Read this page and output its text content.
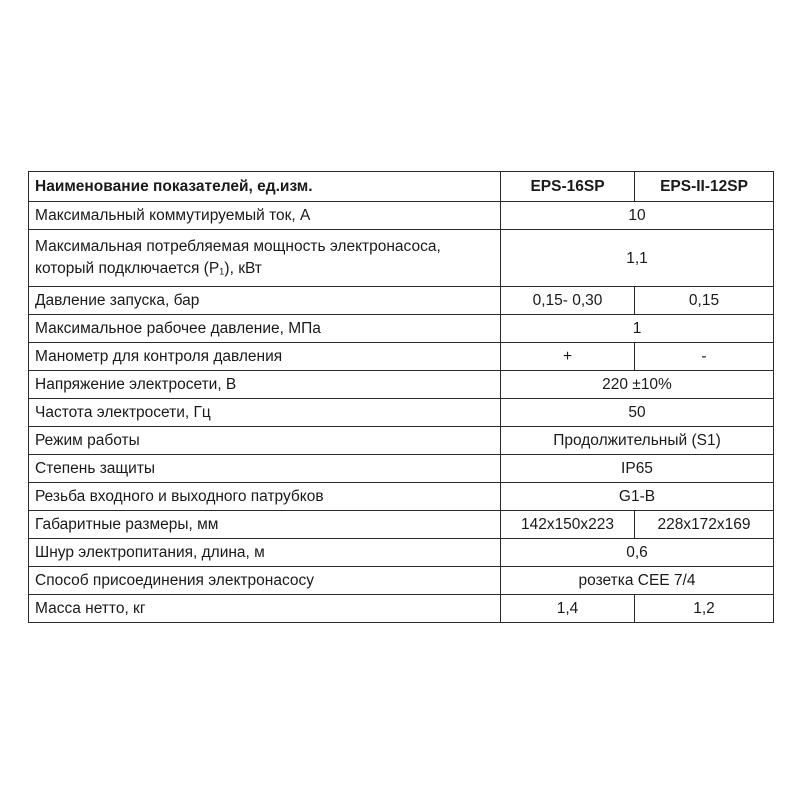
Наименование показателей, ед.изм.	EPS-16SP	EPS-II-12SP
Максимальный коммутируемый ток, А	10	
Максимальная потребляемая мощность электронасоса, который подключается (P₁), кВт	1,1	
Давление запуска, бар	0,15- 0,30	0,15
Максимальное рабочее давление, МПа	1	
Манометр для контроля давления	+	-
Напряжение электросети, В	220 ±10%	
Частота электросети, Гц	50	
Режим работы	Продолжительный (S1)	
Степень защиты	IP65	
Резьба входного и выходного патрубков	G1-B	
Габаритные размеры, мм	142x150x223	228x172x169
Шнур электропитания, длина, м	0,6	
Способ присоединения электронасосу	розетка CEE 7/4	
Масса нетто, кг	1,4	1,2
